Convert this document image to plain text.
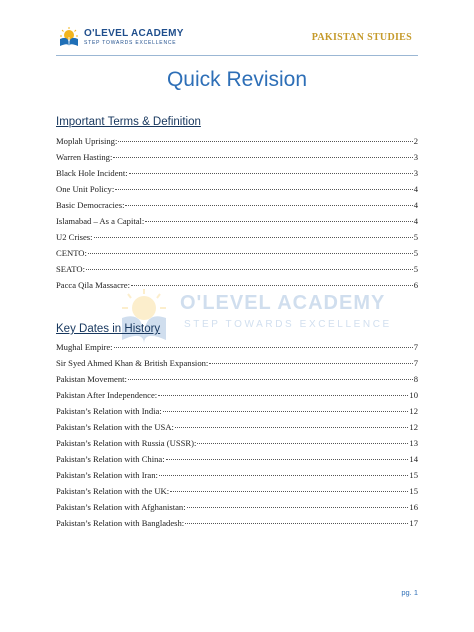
O'LEVEL ACADEMY
STEP TOWARDS EXCELLENCE	PAKISTAN STUDIES
Quick Revision
O'LEVEL ACADEMY
STEP TOWARDS EXCELLENCE
Important Terms & Definition
Moplah Uprising:	2
Warren Hasting:	3
Black Hole Incident:	3
One Unit Policy:	4
Basic Democracies:	4
Islamabad – As a Capital:	4
U2 Crises:	5
CENTO:	5
SEATO:	5
Pacca Qila Massacre:	6
Key Dates in History
Mughal Empire:	7
Sir Syed Ahmed Khan & British Expansion:	7
Pakistan Movement:	8
Pakistan After Independence:	10
Pakistan’s Relation with India:	12
Pakistan’s Relation with the USA:	12
Pakistan’s Relation with Russia (USSR):	13
Pakistan’s Relation with China:	14
Pakistan’s Relation with Iran:	15
Pakistan’s Relation with the UK:	15
Pakistan’s Relation with Afghanistan:	16
Pakistan’s Relation with Bangladesh:	17
pg. 1
